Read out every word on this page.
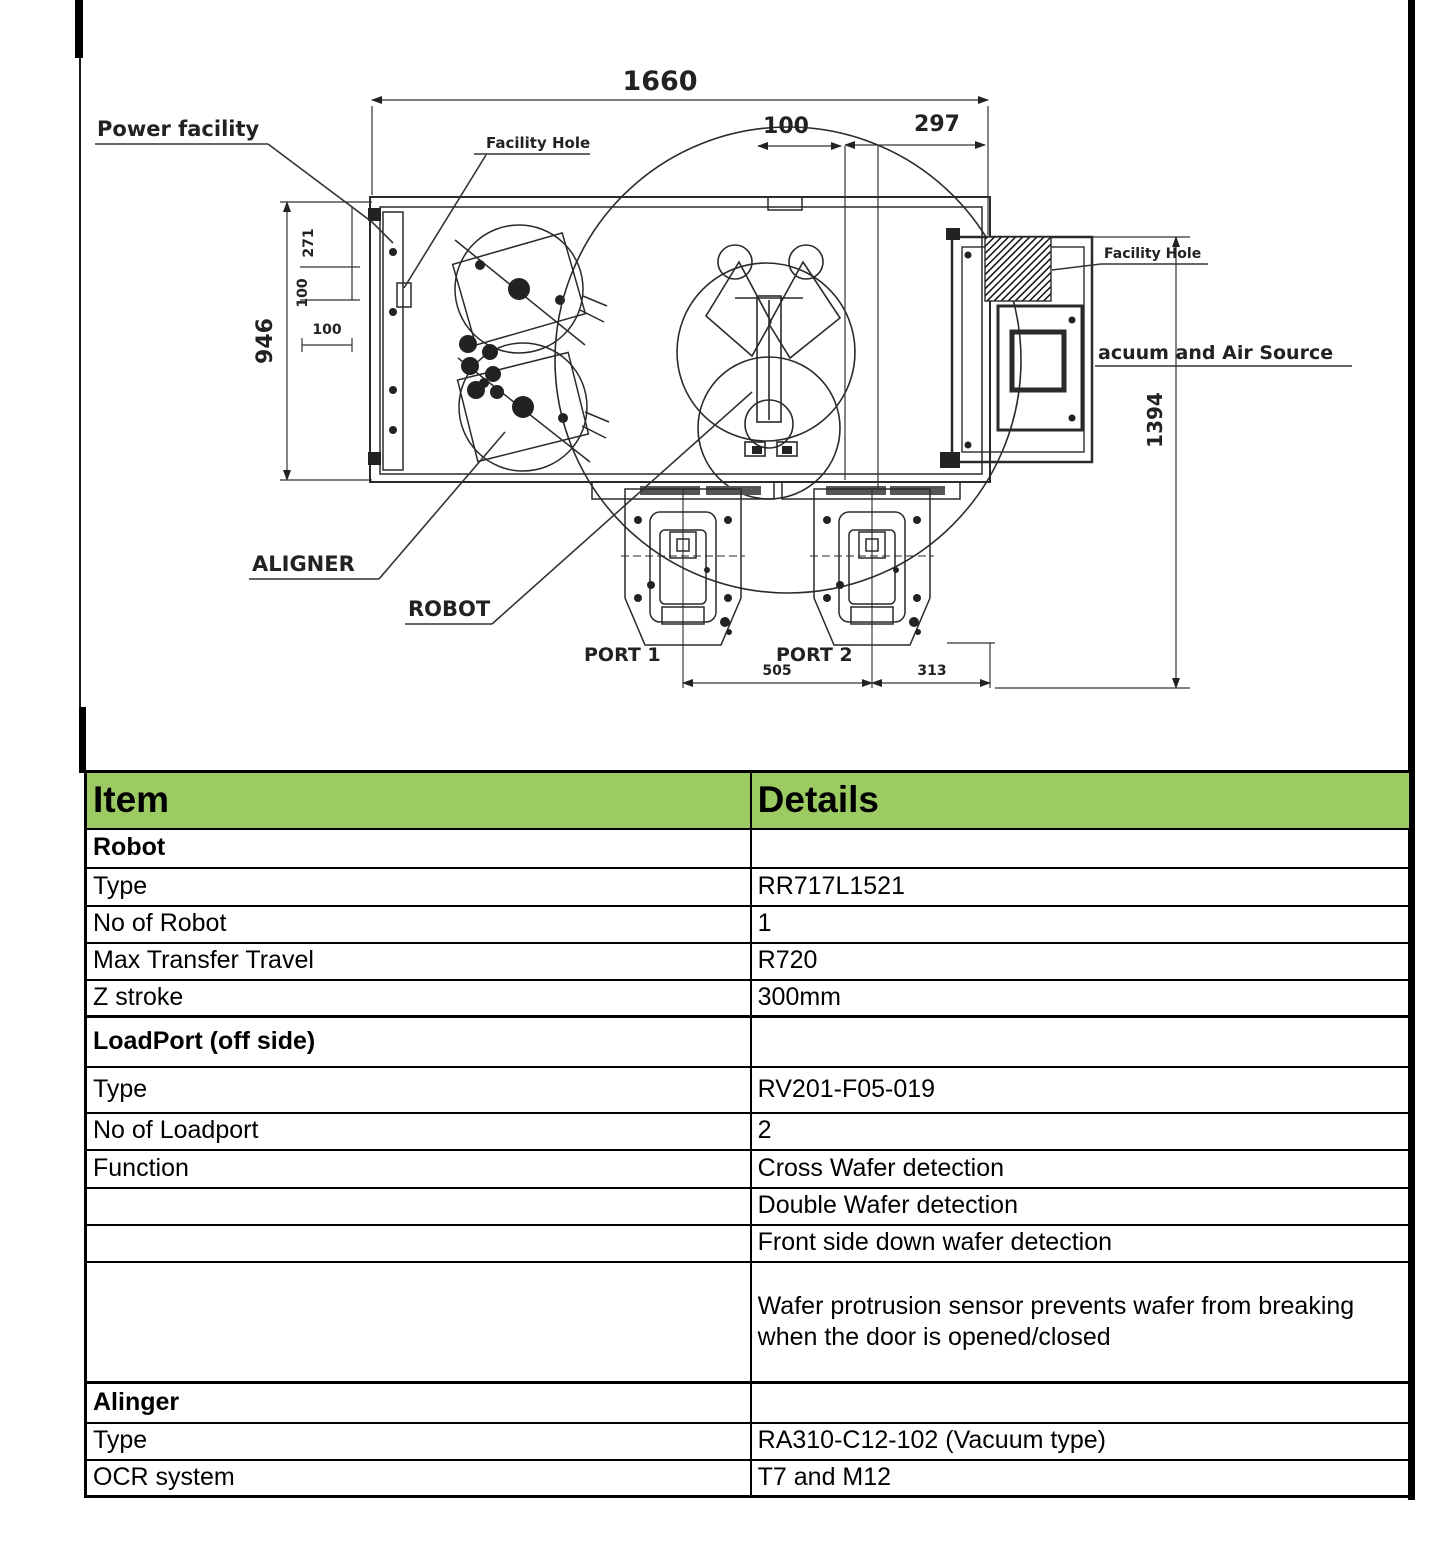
1660
100	297
946
271
100
100
1394
505	313
Power facility
Facility Hole
Facility Hole
acuum and Air Source
ALIGNER
ROBOT
PORT 1	PORT 2
Item	Details
Robot	
Type	RR717L1521
No of Robot	1
Max Transfer Travel	R720
Z stroke	300mm
LoadPort (off side)	
Type	RV201-F05-019
No of Loadport	2
Function	Cross Wafer detection
	Double Wafer detection
	Front side down wafer detection
	Wafer protrusion sensor prevents wafer from breaking when the door is opened/closed
Alinger	
Type	RA310-C12-102 (Vacuum type)
OCR system	T7 and M12
